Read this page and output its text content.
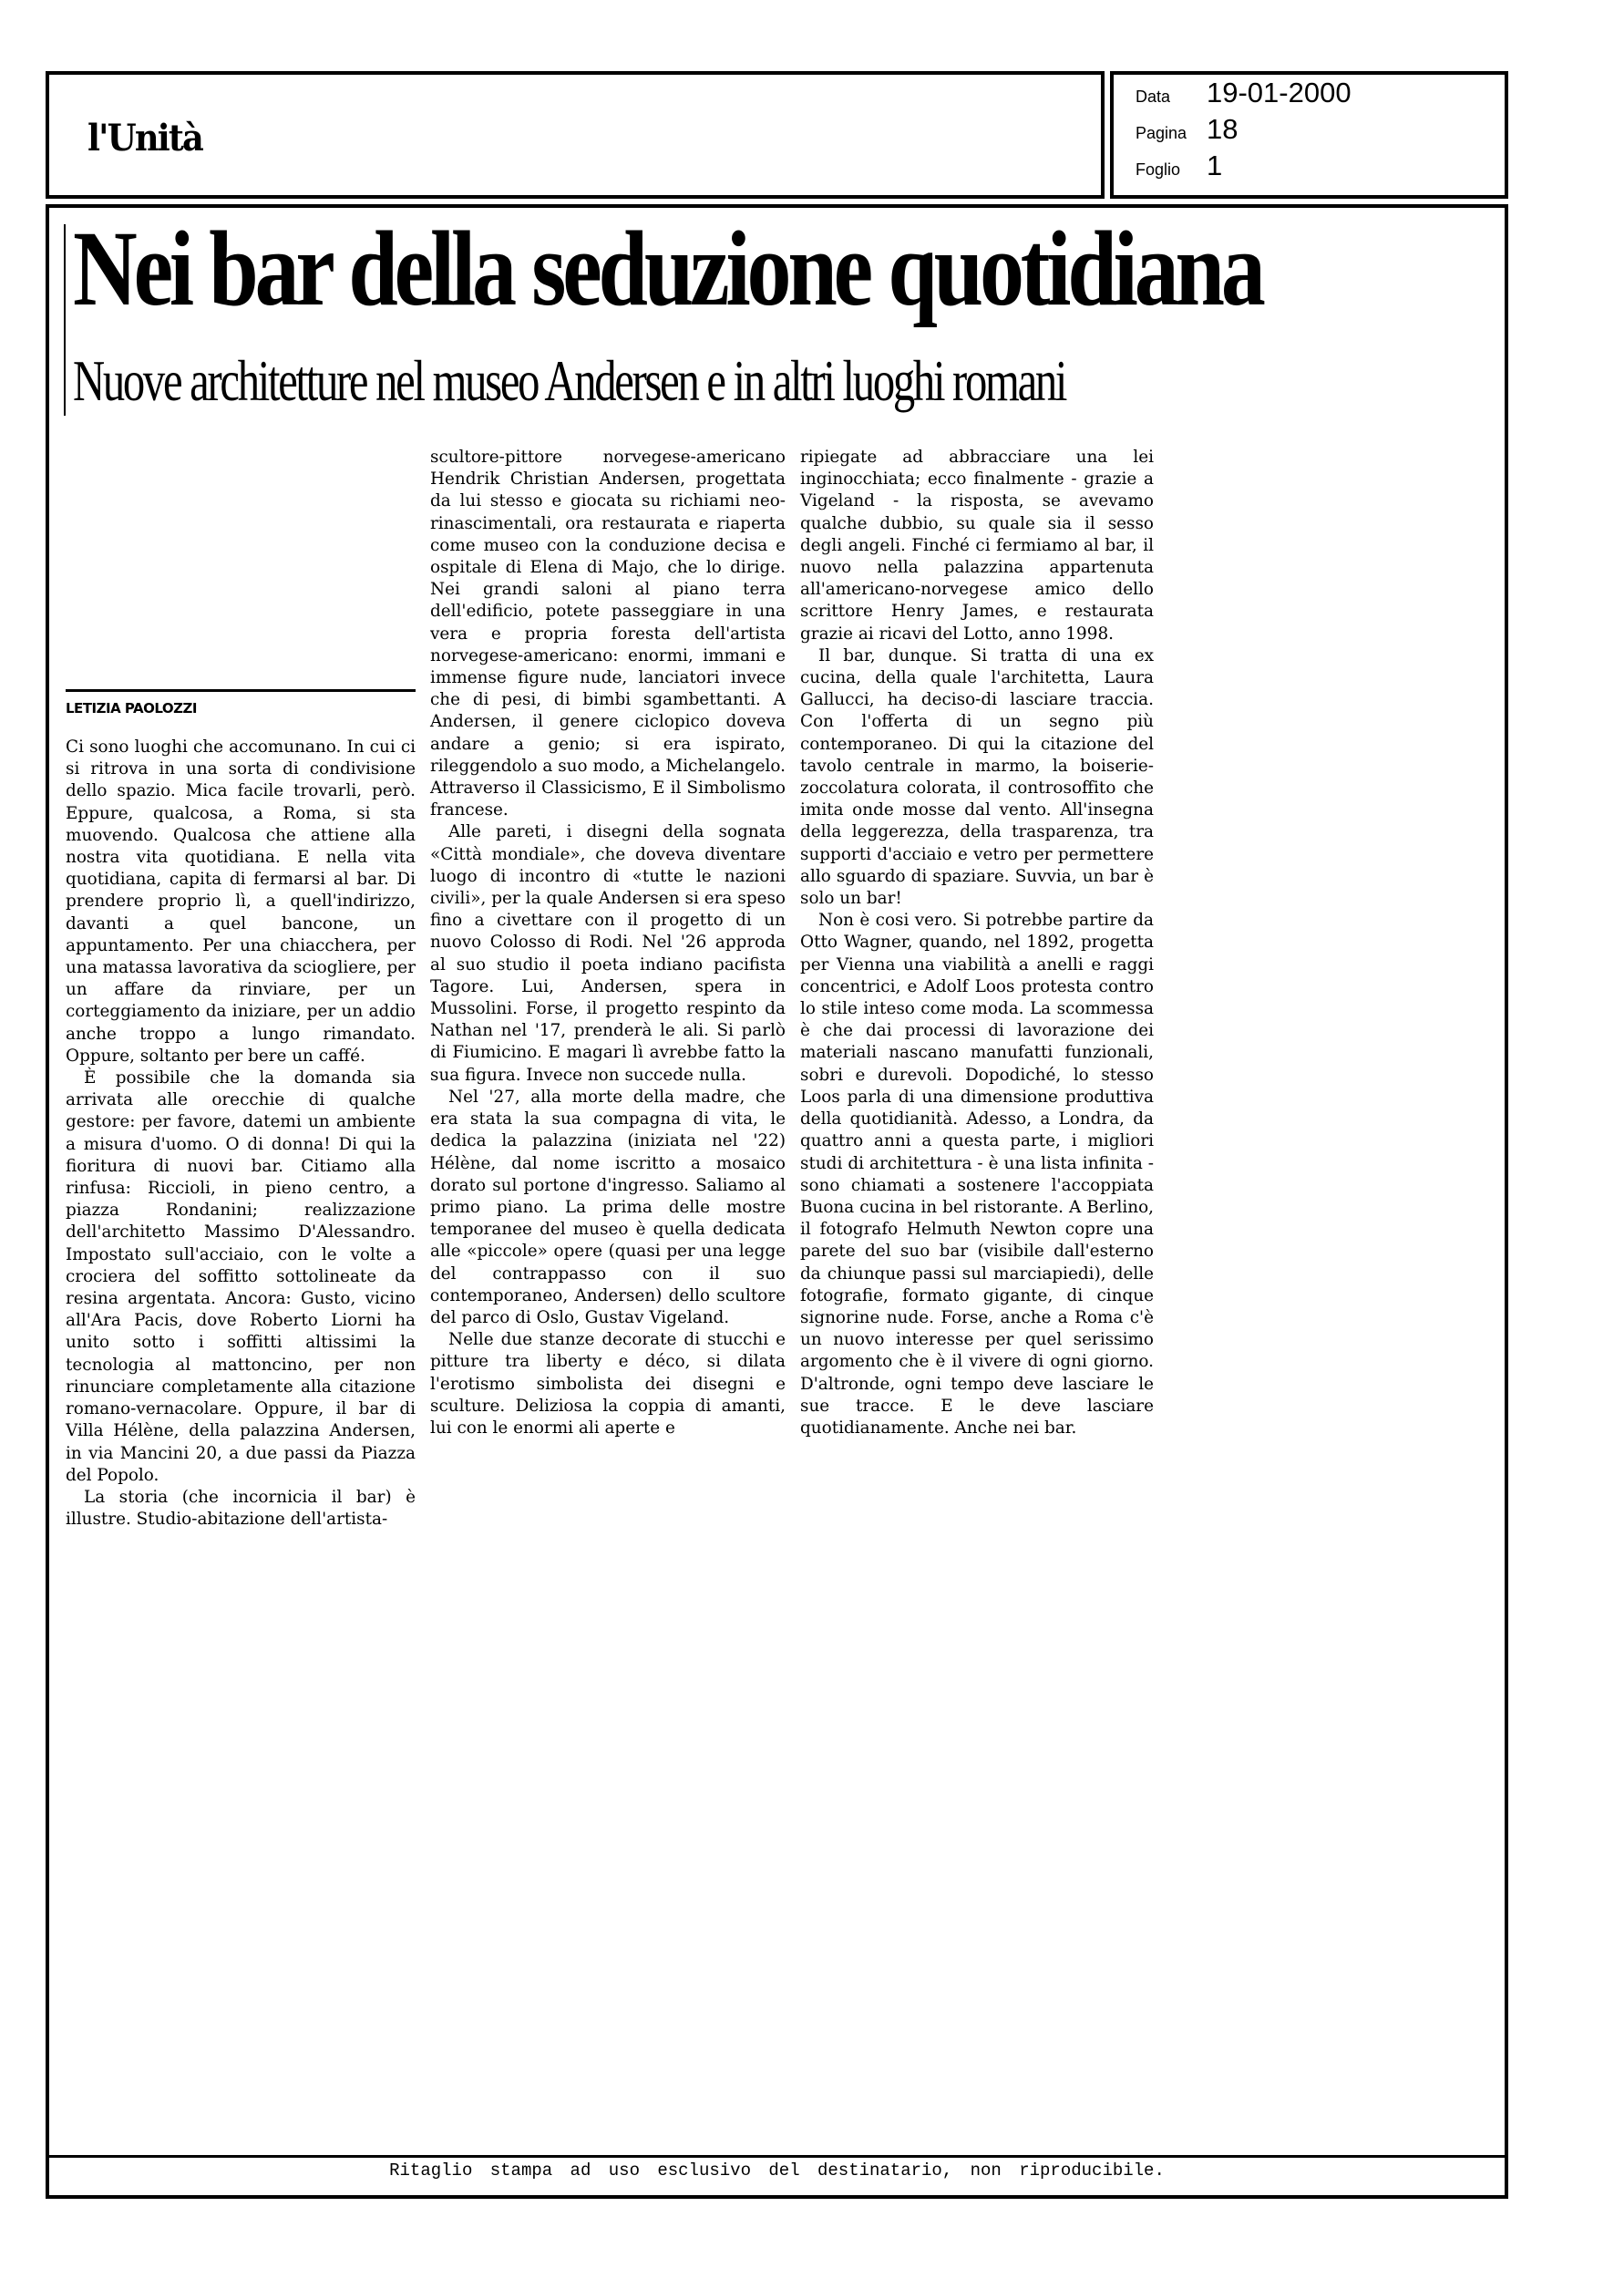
l'Unità
Data	19-01-2000
Pagina 18
Foglio 1
Nei bar della seduzione quotidiana
Nuove architetture nel museo Andersen e in altri luoghi romani
LETIZIA PAOLOZZI

Ci sono luoghi che accomunano. In cui ci si ritrova in una sorta di condivisione dello spazio. Mica facile trovarli, però. Eppure, qualcosa, a Roma, si sta muovendo. Qualcosa che attiene alla nostra vita quotidiana. E nella vita quotidiana, capita di fermarsi al bar. Di prendere proprio lì, a quell'indirizzo, davanti a quel bancone, un appuntamento. Per una chiacchera, per una matassa lavorativa da sciogliere, per un affare da rinviare, per un corteggiamento da iniziare, per un addio anche troppo a lungo rimandato. Oppure, soltanto per bere un caffé.

È possibile che la domanda sia arrivata alle orecchie di qualche gestore: per favore, datemi un ambiente a misura d'uomo. O di donna! Di qui la fioritura di nuovi bar. Citiamo alla rinfusa: Riccioli, in pieno centro, a piazza Rondanini; realizzazione dell'architetto Massimo D'Alessandro. Impostato sull'acciaio, con le volte a crociera del soffitto sottolineate da resina argentata. Ancora: Gusto, vicino all'Ara Pacis, dove Roberto Liorni ha unito sotto i soffitti altissimi la tecnologia al mattoncino, per non rinunciare completamente alla citazione romano-vernacolare. Oppure, il bar di Villa Hélène, della palazzina Andersen, in via Mancini 20, a due passi da Piazza del Popolo.

La storia (che incornicia il bar) è illustre. Studio-abitazione dell'artista-

scultore-pittore norvegese-americano Hendrik Christian Andersen, progettata da lui stesso e giocata su richiami neo-rinascimentali, ora restaurata e riaperta come museo con la conduzione decisa e ospitale di Elena di Majo, che lo dirige. Nei grandi saloni al piano terra dell'edificio, potete passeggiare in una vera e propria foresta dell'artista norvegese-americano: enormi, immani e immense figure nude, lanciatori invece che di pesi, di bimbi sgambettanti. A Andersen, il genere ciclopico doveva andare a genio; si era ispirato, rileggendolo a suo modo, a Michelangelo. Attraverso il Classicismo, E il Simbolismo francese.

Alle pareti, i disegni della sognata «Città mondiale», che doveva diventare luogo di incontro di «tutte le nazioni civili», per la quale Andersen si era speso fino a civettare con il progetto di un nuovo Colosso di Rodi. Nel '26 approda al suo studio il poeta indiano pacifista Tagore. Lui, Andersen, spera in Mussolini. Forse, il progetto respinto da Nathan nel '17, prenderà le ali. Si parlò di Fiumicino. E magari lì avrebbe fatto la sua figura. Invece non succede nulla.

Nel '27, alla morte della madre, che era stata la sua compagna di vita, le dedica la palazzina (iniziata nel '22) Hélène, dal nome iscritto a mosaico dorato sul portone d'ingresso. Saliamo al primo piano. La prima delle mostre temporanee del museo è quella dedicata alle «piccole» opere (quasi per una legge del contrappasso con il suo contemporaneo, Andersen) dello scultore del parco di Oslo, Gustav Vigeland.

Nelle due stanze decorate di stucchi e pitture tra liberty e déco, si dilata l'erotismo simbolista dei disegni e sculture. Deliziosa la coppia di amanti, lui con le enormi ali aperte e

ripiegate ad abbracciare una lei inginocchiata; ecco finalmente - grazie a Vigeland - la risposta, se avevamo qualche dubbio, su quale sia il sesso degli angeli. Finché ci fermiamo al bar, il nuovo nella palazzina appartenuta all'americano-norvegese amico dello scrittore Henry James, e restaurata grazie ai ricavi del Lotto, anno 1998.

Il bar, dunque. Si tratta di una ex cucina, della quale l'architetta, Laura Gallucci, ha deciso-di lasciare traccia. Con l'offerta di un segno più contemporaneo. Di qui la citazione del tavolo centrale in marmo, la boiserie-zoccolatura colorata, il controsoffito che imita onde mosse dal vento. All'insegna della leggerezza, della trasparenza, tra supporti d'acciaio e vetro per permettere allo sguardo di spaziare. Suvvia, un bar è solo un bar!

Non è cosi vero. Si potrebbe partire da Otto Wagner, quando, nel 1892, progetta per Vienna una viabilità a anelli e raggi concentrici, e Adolf Loos protesta contro lo stile inteso come moda. La scommessa è che dai processi di lavorazione dei materiali nascano manufatti funzionali, sobri e durevoli. Dopodiché, lo stesso Loos parla di una dimensione produttiva della quotidianità. Adesso, a Londra, da quattro anni a questa parte, i migliori studi di architettura - è una lista infinita - sono chiamati a sostenere l'accoppiata Buona cucina in bel ristorante. A Berlino, il fotografo Helmuth Newton copre una parete del suo bar (visibile dall'esterno da chiunque passi sul marciapiedi), delle fotografie, formato gigante, di cinque signorine nude. Forse, anche a Roma c'è un nuovo interesse per quel serissimo argomento che è il vivere di ogni giorno. D'altronde, ogni tempo deve lasciare le sue tracce. E le deve lasciare quotidianamente. Anche nei bar.

Ritaglio stampa ad uso esclusivo del destinatario, non riproducibile.
